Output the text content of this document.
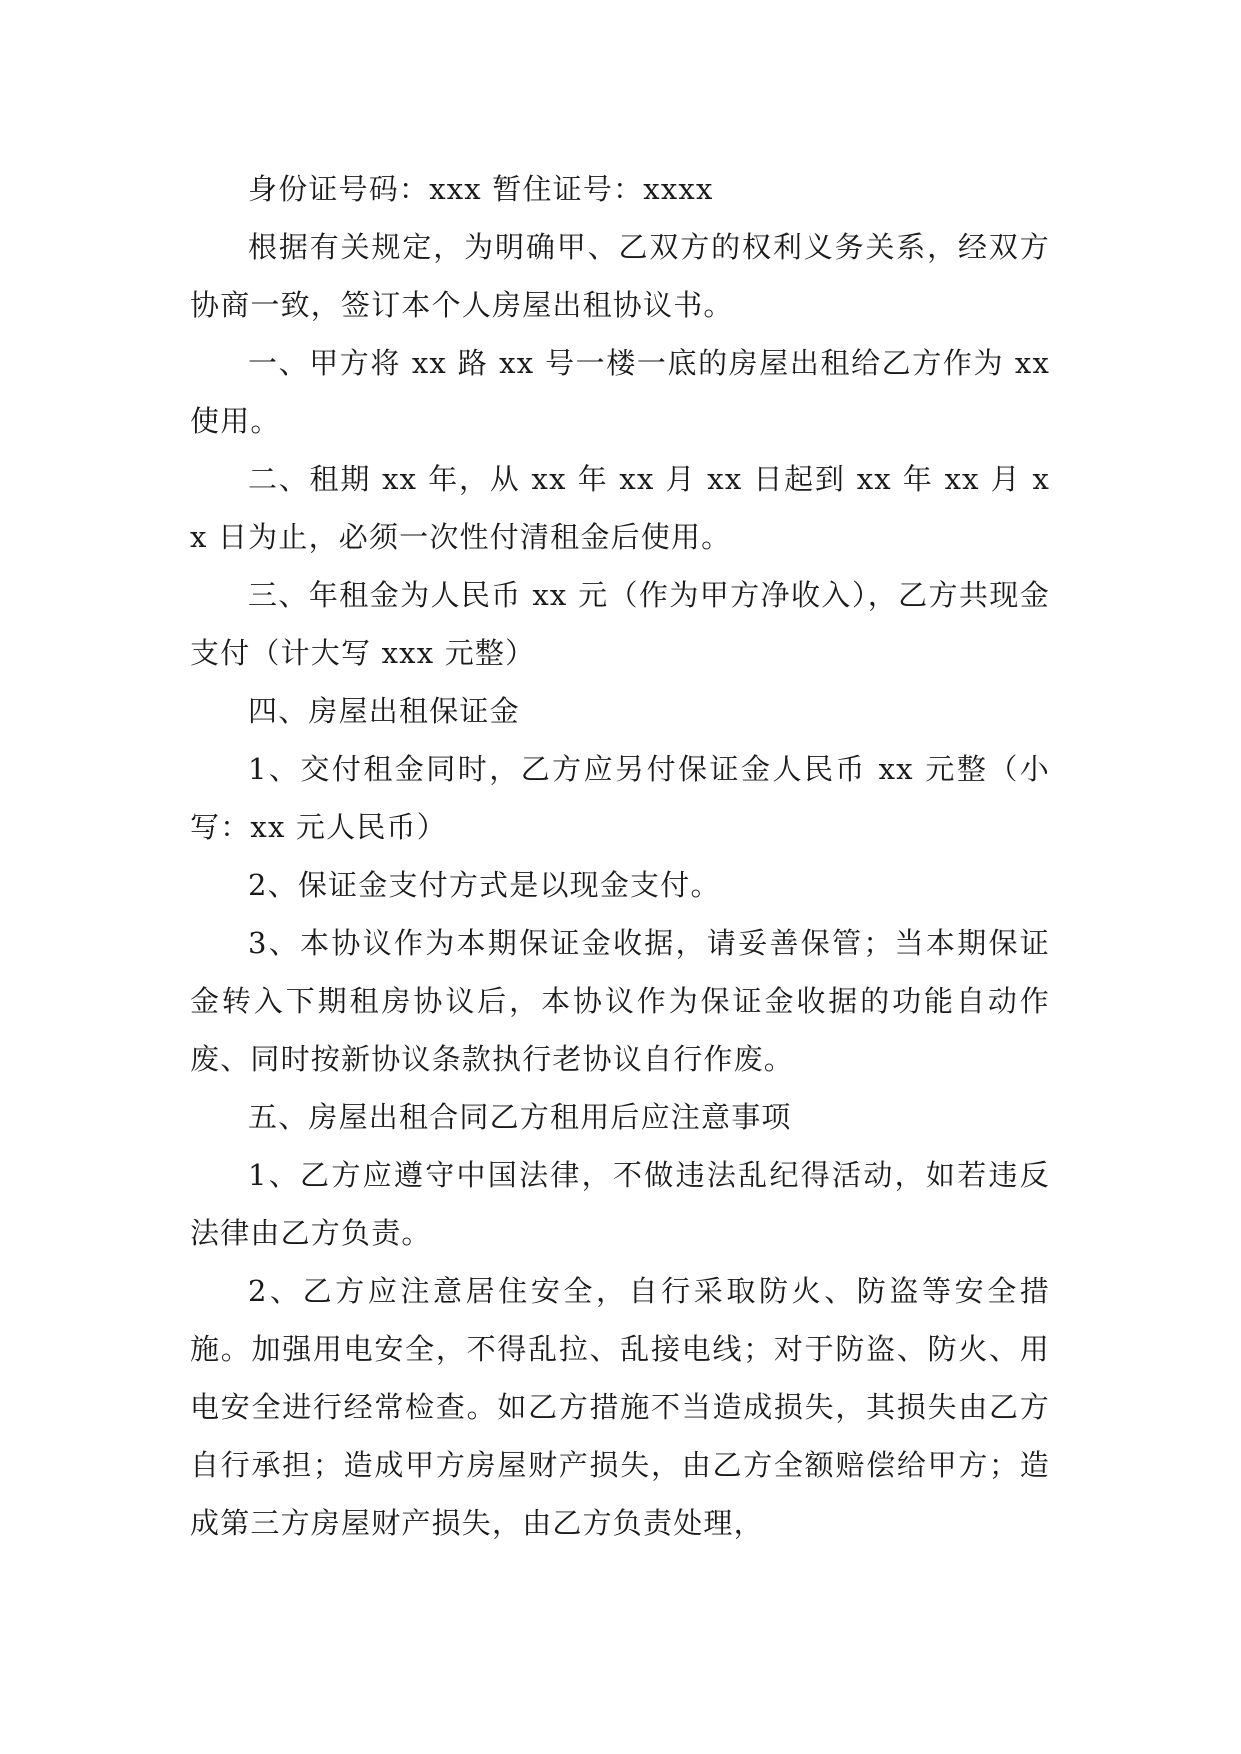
身份证号码：xxx 暂住证号：xxxx

根据有关规定，为明确甲、乙双方的权利义务关系，经双方协商一致，签订本个人房屋出租协议书。

一、甲方将 xx 路 xx 号一楼一底的房屋出租给乙方作为 xx 使用。

二、租期 xx 年，从 xx 年 xx 月 xx 日起到 xx 年 xx 月 xx 日为止，必须一次性付清租金后使用。

三、年租金为人民币 xx 元（作为甲方净收入），乙方共现金支付（计大写 xxx 元整）

四、房屋出租保证金

1、交付租金同时，乙方应另付保证金人民币 xx 元整（小写：xx 元人民币）

2、保证金支付方式是以现金支付。

3、本协议作为本期保证金收据，请妥善保管；当本期保证金转入下期租房协议后，本协议作为保证金收据的功能自动作废、同时按新协议条款执行老协议自行作废。

五、房屋出租合同乙方租用后应注意事项

1、乙方应遵守中国法律，不做违法乱纪得活动，如若违反法律由乙方负责。

2、乙方应注意居住安全，自行采取防火、防盗等安全措施。加强用电安全，不得乱拉、乱接电线；对于防盗、防火、用电安全进行经常检查。如乙方措施不当造成损失，其损失由乙方自行承担；造成甲方房屋财产损失，由乙方全额赔偿给甲方；造成第三方房屋财产损失，由乙方负责处理，
